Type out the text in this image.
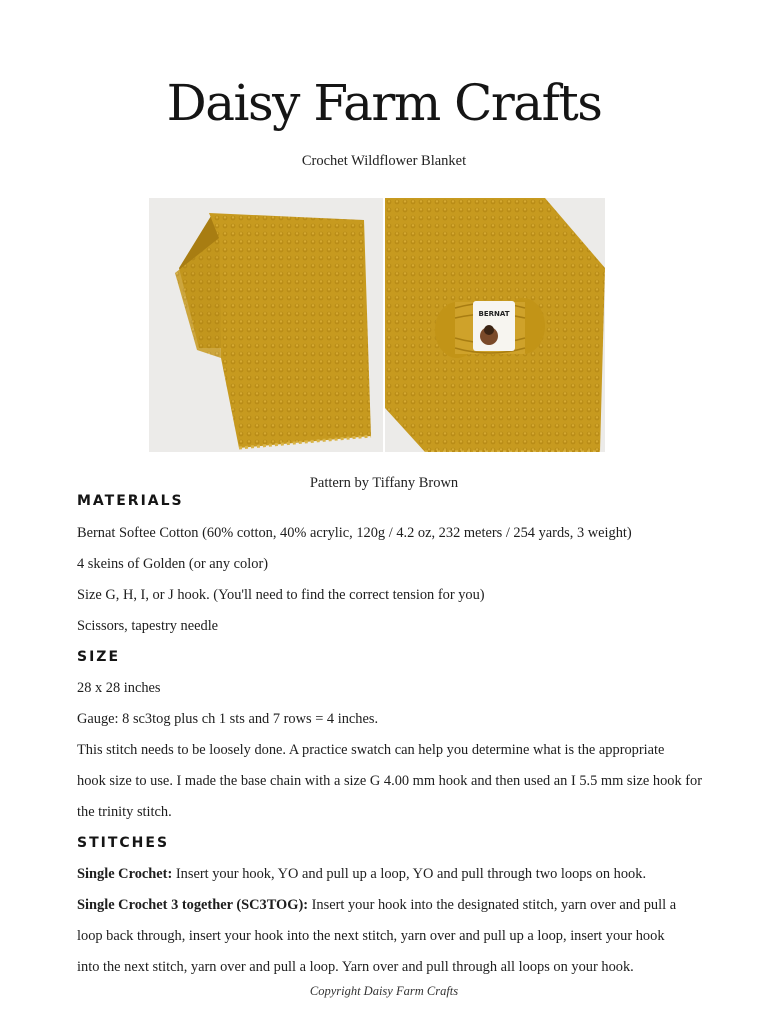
Daisy Farm Crafts
Crochet Wildflower Blanket
BERNAT
Pattern by Tiffany Brown
MATERIALS
Bernat Softee Cotton (60% cotton, 40% acrylic, 120g / 4.2 oz, 232 meters / 254 yards, 3 weight)
4 skeins of Golden (or any color)
Size G, H, I, or J hook. (You'll need to find the correct tension for you)
Scissors, tapestry needle
SIZE
28 x 28 inches
Gauge: 8 sc3tog plus ch 1 sts and 7 rows = 4 inches.
This stitch needs to be loosely done. A practice swatch can help you determine what is the appropriate
hook size to use. I made the base chain with a size G 4.00 mm hook and then used an I 5.5 mm size hook for
the trinity stitch.
STITCHES
Single Crochet: Insert your hook, YO and pull up a loop, YO and pull through two loops on hook.
Single Crochet 3 together (SC3TOG): Insert your hook into the designated stitch, yarn over and pull a
loop back through, insert your hook into the next stitch, yarn over and pull up a loop, insert your hook
into the next stitch, yarn over and pull a loop. Yarn over and pull through all loops on your hook.
Copyright Daisy Farm Crafts
